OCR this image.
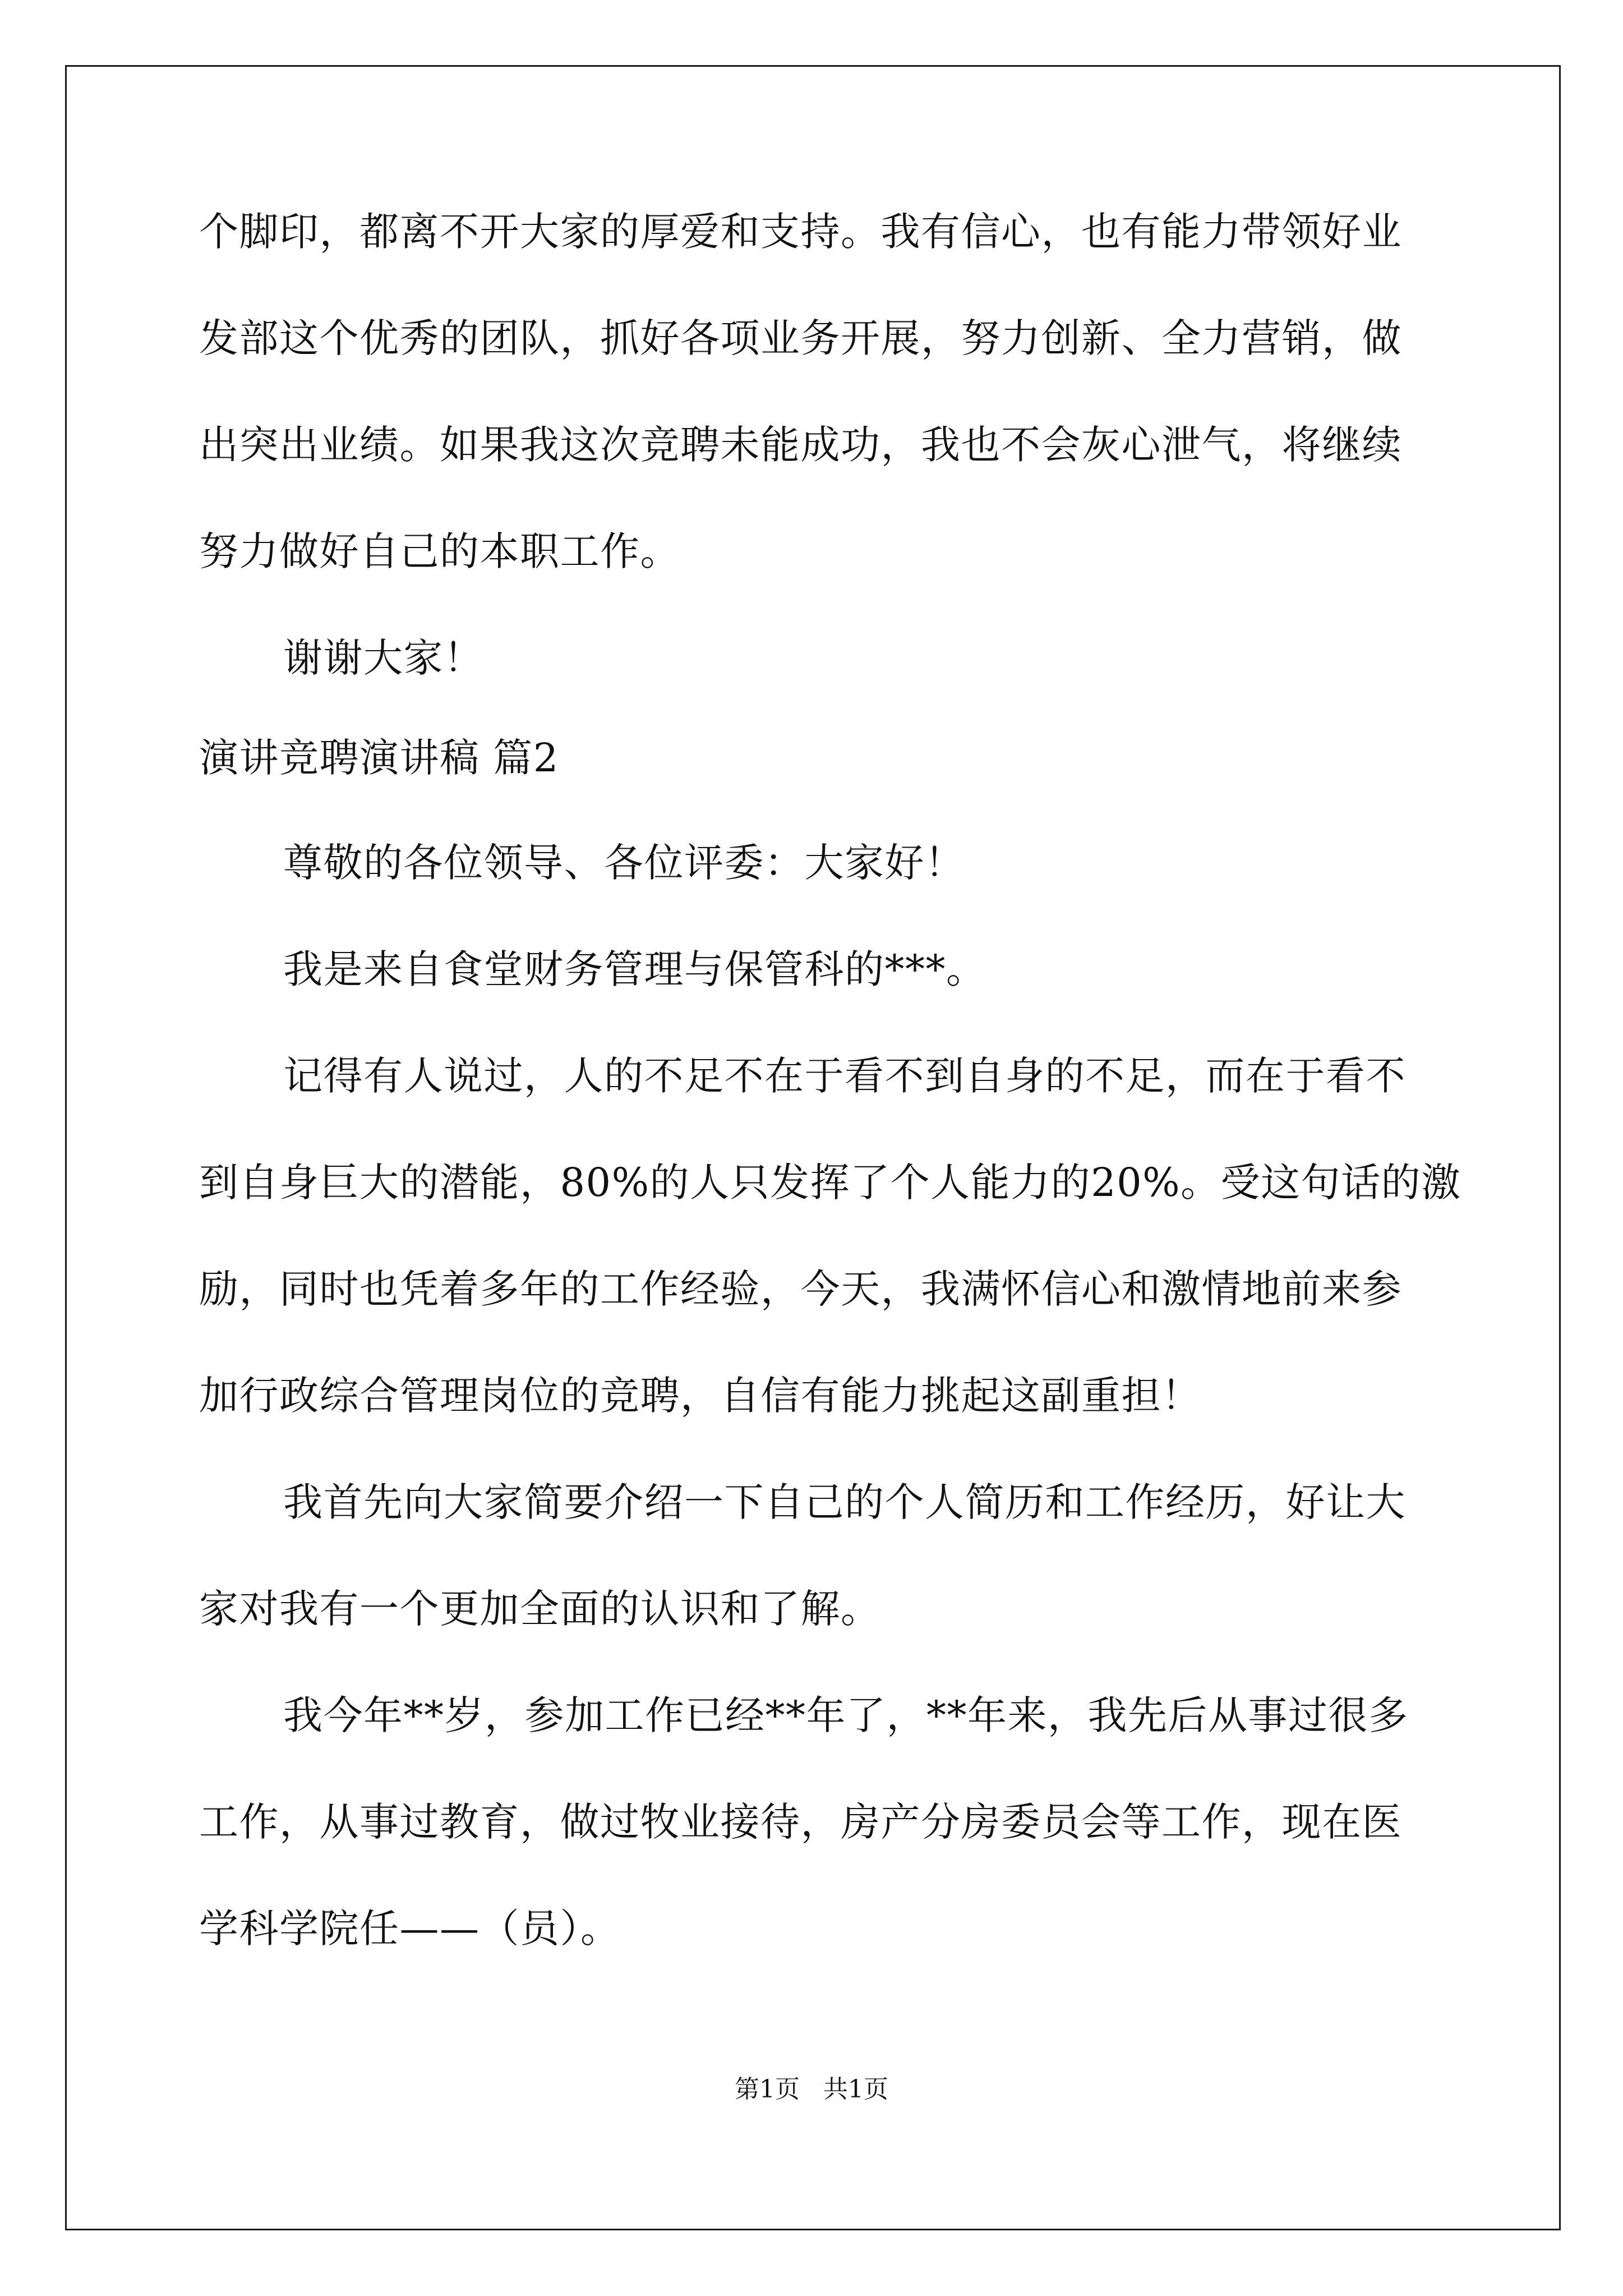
个脚印，都离不开大家的厚爱和支持。我有信心，也有能力带领好业
发部这个优秀的团队，抓好各项业务开展，努力创新、全力营销，做
出突出业绩。如果我这次竞聘未能成功，我也不会灰心泄气，将继续
努力做好自己的本职工作。
谢谢大家！
演讲竞聘演讲稿 篇2
尊敬的各位领导、各位评委：大家好！
我是来自食堂财务管理与保管科的***。
记得有人说过，人的不足不在于看不到自身的不足，而在于看不
到自身巨大的潜能，80%的人只发挥了个人能力的20%。受这句话的激
励，同时也凭着多年的工作经验，今天，我满怀信心和激情地前来参
加行政综合管理岗位的竞聘，自信有能力挑起这副重担！
我首先向大家简要介绍一下自己的个人简历和工作经历，好让大
家对我有一个更加全面的认识和了解。
我今年**岁，参加工作已经**年了，**年来，我先后从事过很多
工作，从事过教育，做过牧业接待，房产分房委员会等工作，现在医
学科学院任——（员）。
第1页   共1页
